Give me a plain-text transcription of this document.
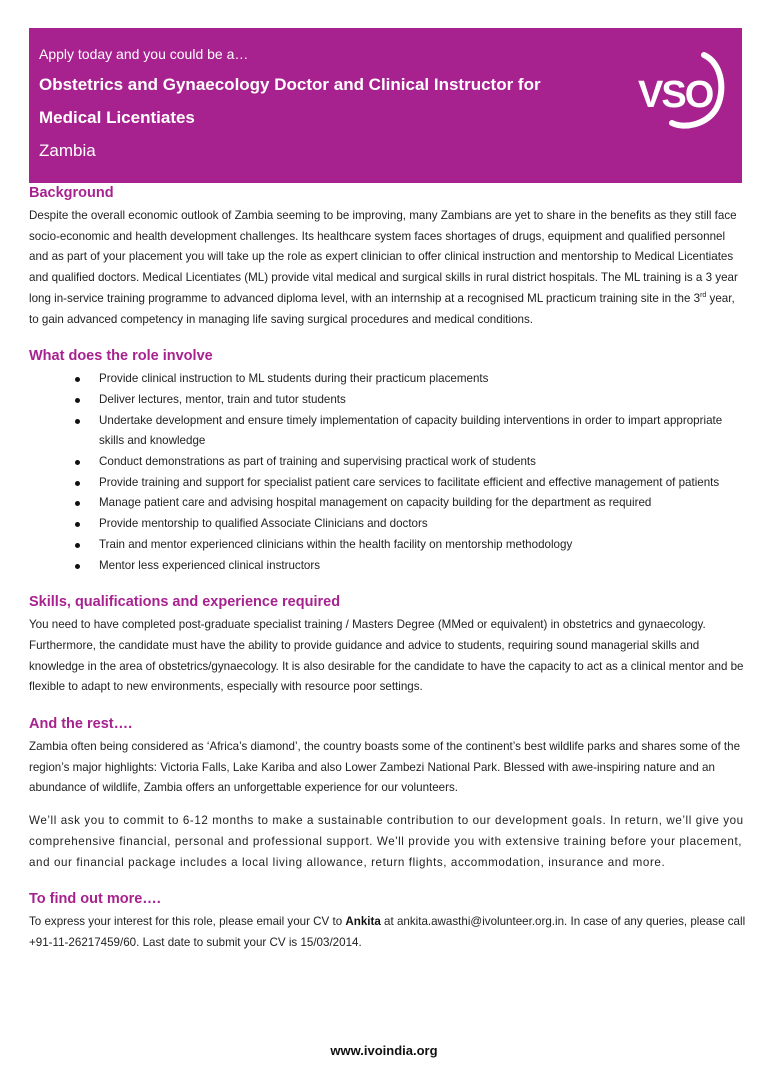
Apply today and you could be a…
Obstetrics and Gynaecology Doctor and Clinical Instructor for
Medical Licentiates
Zambia
VSO
Background

Despite the overall economic outlook of Zambia seeming to be improving, many Zambians are yet to share in the benefits as they still face socio-economic and health development challenges. Its healthcare system faces shortages of drugs, equipment and qualified personnel and as part of your placement you will take up the role as expert clinician to offer clinical instruction and mentorship to Medical Licentiates and qualified doctors. Medical Licentiates (ML) provide vital medical and surgical skills in rural district hospitals. The ML training is a 3 year long in-service training programme to advanced diploma level, with an internship at a recognised ML practicum training site in the 3rd year, to gain advanced competency in managing life saving surgical procedures and medical conditions.

What does the role involve
Provide clinical instruction to ML students during their practicum placements
Deliver lectures, mentor, train and tutor students
Undertake development and ensure timely implementation of capacity building interventions in order to impart appropriate skills and knowledge
Conduct demonstrations as part of training and supervising practical work of students
Provide training and support for specialist patient care services to facilitate efficient and effective management of patients
Manage patient care and advising hospital management on capacity building for the department as required
Provide mentorship to qualified Associate Clinicians and doctors
Train and mentor experienced clinicians within the health facility on mentorship methodology
Mentor less experienced clinical instructors
Skills, qualifications and experience required

You need to have completed post-graduate specialist training / Masters Degree (MMed or equivalent) in obstetrics and gynaecology. Furthermore, the candidate must have the ability to provide guidance and advice to students, requiring sound managerial skills and knowledge in the area of obstetrics/gynaecology. It is also desirable for the candidate to have the capacity to act as a clinical mentor and be flexible to adapt to new environments, especially with resource poor settings.

And the rest….

Zambia often being considered as ‘Africa’s diamond’, the country boasts some of the continent’s best wildlife parks and shares some of the region’s major highlights: Victoria Falls, Lake Kariba and also Lower Zambezi National Park. Blessed with awe-inspiring nature and an abundance of wildlife, Zambia offers an unforgettable experience for our volunteers.

We’ll ask you to commit to 6-12 months to make a sustainable contribution to our development goals. In return, we’ll give you comprehensive financial, personal and professional support. We'll provide you with extensive training before your placement, and our financial package includes a local living allowance, return flights, accommodation, insurance and more.

To find out more….

To express your interest for this role, please email your CV to Ankita at ankita.awasthi@ivolunteer.org.in. In case of any queries, please call +91-11-26217459/60. Last date to submit your CV is 15/03/2014.

www.ivoindia.org
